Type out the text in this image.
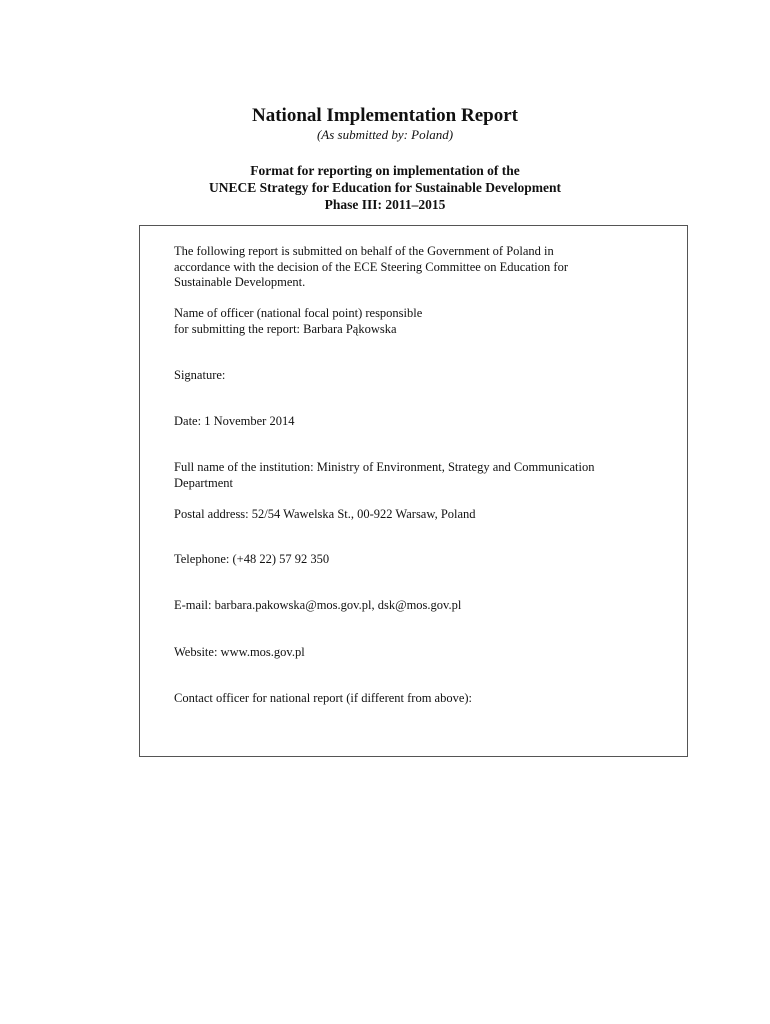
National Implementation Report
(As submitted by: Poland)
Format for reporting on implementation of the
UNECE Strategy for Education for Sustainable Development
Phase III: 2011–2015
The following report is submitted on behalf of the Government of Poland in
accordance with the decision of the ECE Steering Committee on Education for
Sustainable Development.
Name of officer (national focal point) responsible
for submitting the report: Barbara Pąkowska
Signature:
Date: 1 November 2014
Full name of the institution: Ministry of Environment, Strategy and Communication
Department
Postal address: 52/54 Wawelska St., 00-922 Warsaw, Poland
Telephone: (+48 22) 57 92 350
E-mail: barbara.pakowska@mos.gov.pl, dsk@mos.gov.pl
Website: www.mos.gov.pl
Contact officer for national report (if different from above):
